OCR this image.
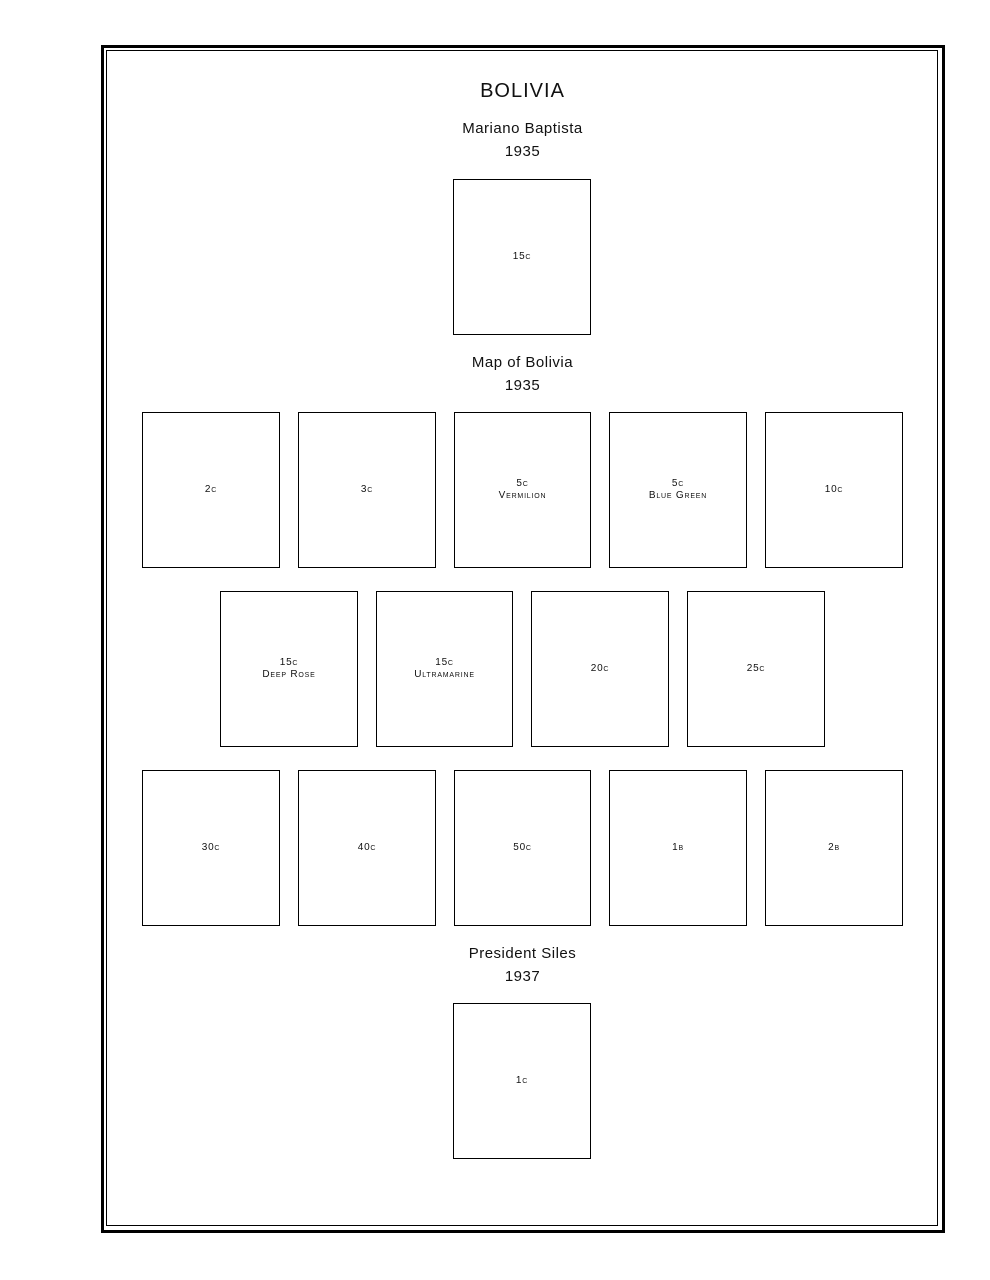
BOLIVIA
Mariano Baptista
1935
15c
Map of Bolivia
1935
2c	3c
5c
Vermilion
5c
Blue Green
10c
15c
Deep Rose
15c
Ultramarine
20c	25c
30c	40c	50c	1b	2b
President Siles
1937
1c
